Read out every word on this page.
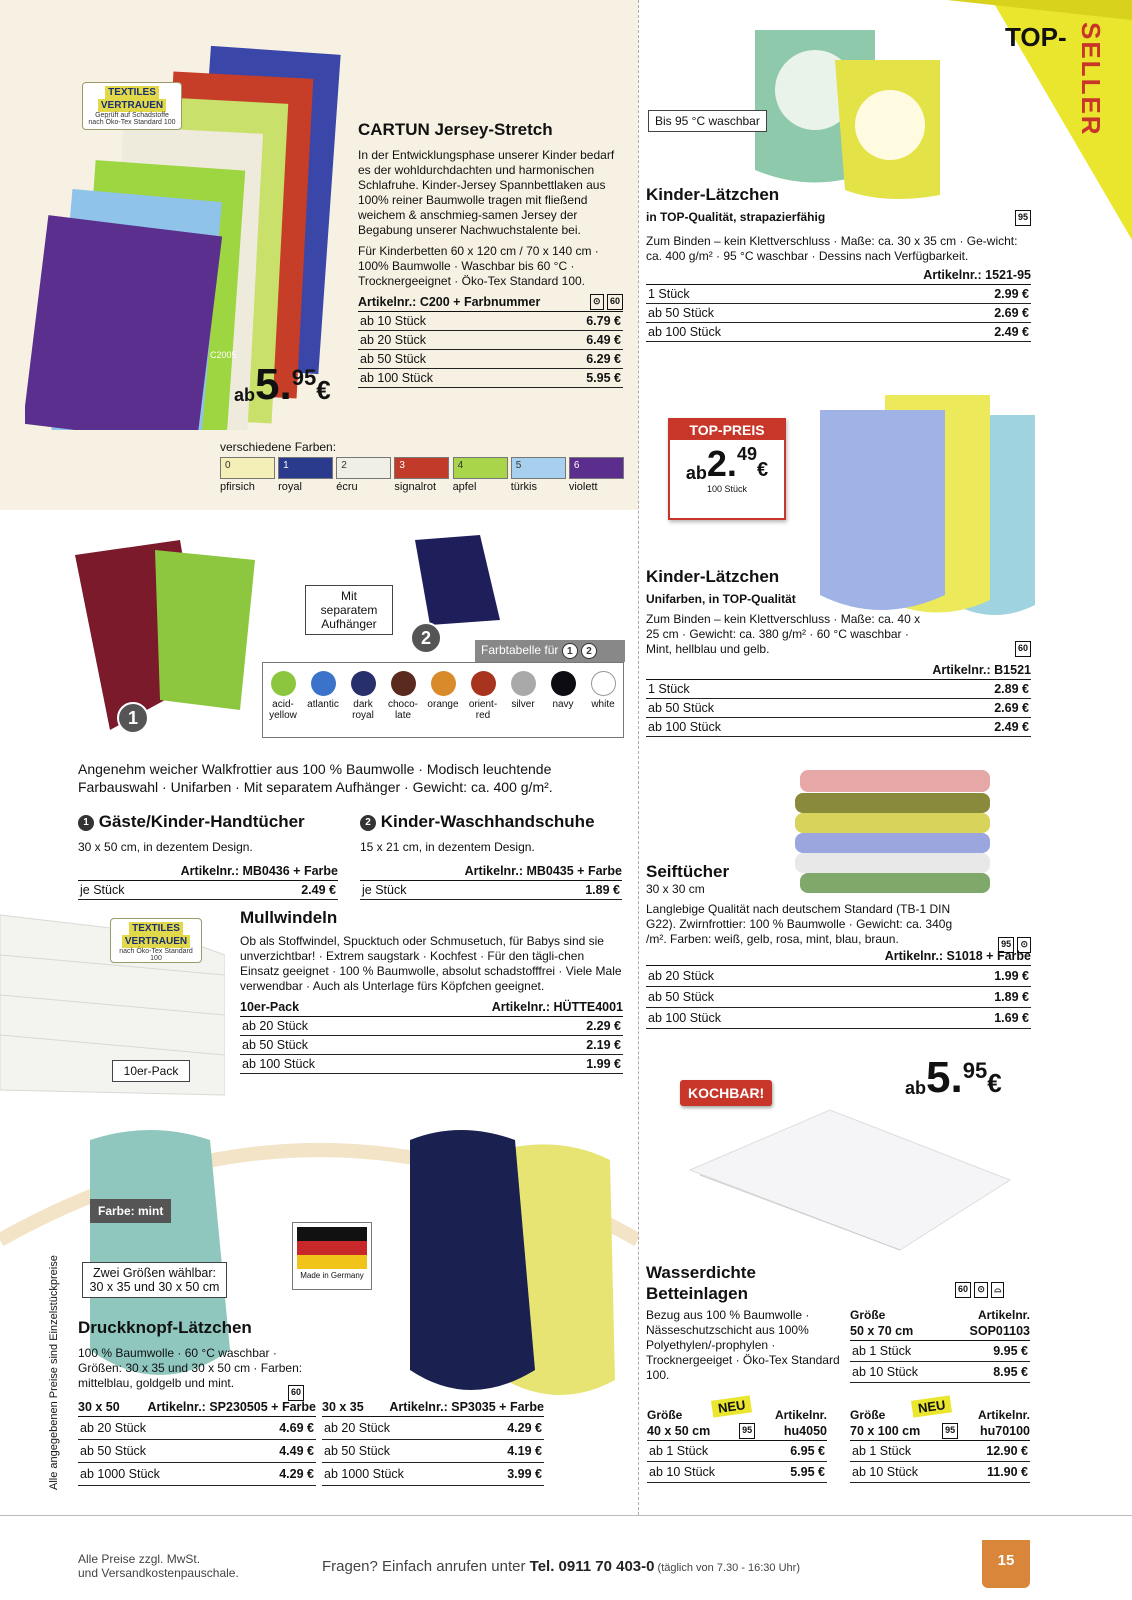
TOP- SELLER
C2005
TEXTILES
VERTRAUEN
Geprüft auf Schadstoffe
nach Öko-Tex Standard 100
ab5.95€
CARTUN Jersey-Stretch
In der Entwicklungsphase unserer Kinder bedarf es der wohldurchdachten und harmonischen Schlafruhe. Kinder-Jersey Spannbettlaken aus 100% reiner Baumwolle tragen mit fließend weichem & anschmieg-samen Jersey der Begabung unserer Nachwuchstalente bei.
Für Kinderbetten 60 x 120 cm / 70 x 140 cm · 100% Baumwolle · Waschbar bis 60 °C · Trocknergeeignet · Öko-Tex Standard 100.
Artikelnr.: C200 + Farbnummer	⊙ 60
ab 10 Stück	6.79 €
ab 20 Stück	6.49 €
ab 50 Stück	6.29 €
ab 100 Stück	5.95 €
verschiedene Farben:
0pfirsich
1royal
2écru
3signalrot
4apfel
5türkis
6violett
Bis 95 °C waschbar
Kinder-Lätzchen
in TOP-Qualität, strapazierfähig	95
Zum Binden – kein Klettverschluss · Maße: ca. 30 x 35 cm · Ge-wicht: ca. 400 g/m² · 95 °C waschbar · Dessins nach Verfügbarkeit.
Artikelnr.: 1521-95
1 Stück	2.99 €
ab 50 Stück	2.69 €
ab 100 Stück	2.49 €
TOP-PREIS
ab2.49€
100 Stück
Kinder-Lätzchen
Unifarben, in TOP-Qualität
Zum Binden – kein Klettverschluss · Maße: ca. 40 x 25 cm · Gewicht: ca. 380 g/m² · 60 °C waschbar · Mint, hellblau und gelb.	60
Artikelnr.: B1521
1 Stück	2.89 €
ab 50 Stück	2.69 €
ab 100 Stück	2.49 €
Mit separatem Aufhänger
1
2
Farbtabelle für 1 2
acid-yellow
atlantic	dark royal
choco-late
orange	orient-red
silver	navy	white
Angenehm weicher Walkfrottier aus 100 % Baumwolle · Modisch leuchtende Farbauswahl · Unifarben · Mit separatem Aufhänger · Gewicht: ca. 400 g/m².
1 Gäste/Kinder-Handtücher
30 x 50 cm, in dezentem Design.
Artikelnr.: MB0436 + Farbe
je Stück	2.49 €
2 Kinder-Waschhandschuhe
15 x 21 cm, in dezentem Design.
Artikelnr.: MB0435 + Farbe
je Stück	1.89 €
TEXTILES
VERTRAUEN
nach Öko-Tex Standard 100
10er-Pack
Mullwindeln
Ob als Stoffwindel, Spucktuch oder Schmusetuch, für Babys sind sie unverzichtbar! · Extrem saugstark · Kochfest · Für den tägli-chen Einsatz geeignet · 100 % Baumwolle, absolut schadstofffrei · Viele Male verwendbar · Auch als Unterlage fürs Köpfchen geeignet.
10er-Pack	Artikelnr.: HÜTTE4001
ab 20 Stück	2.29 €
ab 50 Stück	2.19 €
ab 100 Stück	1.99 €
Seiftücher
30 x 30 cm
Langlebige Qualität nach deutschem Standard (TB-1 DIN G22). Zwirnfrottier: 100 % Baumwolle · Gewicht: ca. 340g /m². Farben: weiß, gelb, rosa, mint, blau, braun.	95 ⊙
Artikelnr.: S1018 + Farbe
ab 20 Stück	1.99 €
ab 50 Stück	1.89 €
ab 100 Stück	1.69 €
KOCHBAR!	ab5.95€
Farbe: mint
Made in Germany
Zwei Größen wählbar: 30 x 35 und 30 x 50 cm
Alle angegebenen Preise sind Einzelstückpreise Druckknopf-Lätzchen
100 % Baumwolle · 60 °C waschbar · Größen: 30 x 35 und 30 x 50 cm · Farben: mittelblau, goldgelb und mint.
60
30 x 50 Artikelnr.: SP230505 + Farbe
ab 20 Stück	4.69 €
ab 50 Stück	4.49 €
ab 1000 Stück	4.29 €
30 x 35 Artikelnr.: SP3035 + Farbe
ab 20 Stück	4.29 €
ab 50 Stück	4.19 €
ab 1000 Stück	3.99 €
Wasserdichte
Betteinlagen	60 ⊙ ⌓
Bezug aus 100 % Baumwolle · Nässeschutzschicht aus 100% Polyethylen/-prophylen · Trocknergeeiget · Öko-Tex Standard 100.
Größe	Artikelnr.
50 x 70 cm	SOP01103
ab 1 Stück	9.95 €
ab 10 Stück	8.95 €
Größe	NEU	Artikelnr.
40 x 50 cm	95	hu4050
ab 1 Stück	6.95 €
ab 10 Stück	5.95 €
Größe	NEU	Artikelnr.
70 x 100 cm	95 hu70100
ab 1 Stück	12.90 €
ab 10 Stück	11.90 €
Alle Preise zzgl. MwSt.
und Versandkostenpauschale.	Fragen? Einfach anrufen unter Tel. 0911 70 403-0 (täglich von 7.30 - 16:30 Uhr)	15
